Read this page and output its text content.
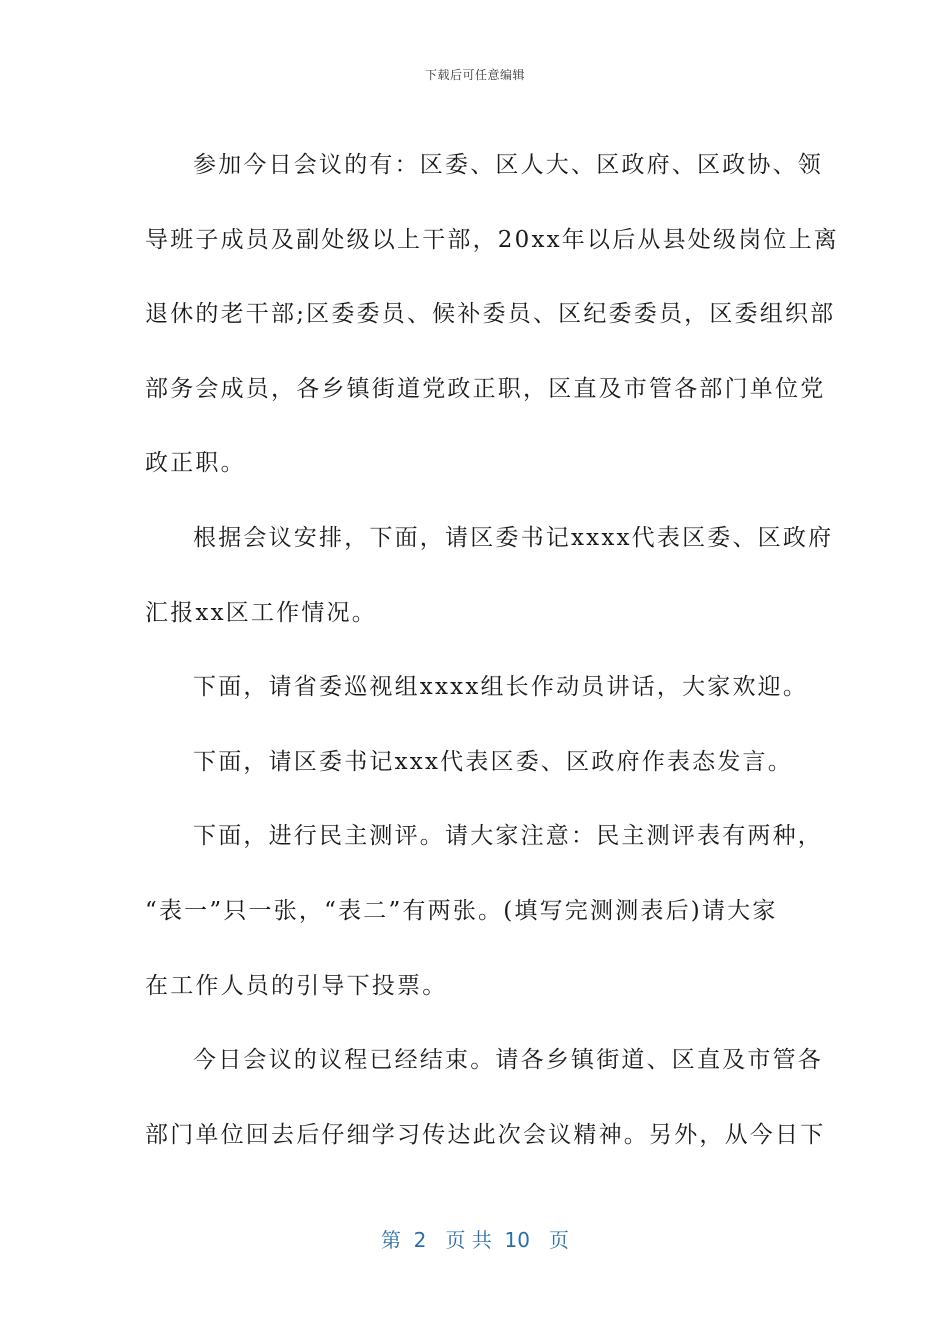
下载后可任意编辑
参加今日会议的有：区委、区人大、区政府、区政协、领
导班子成员及副处级以上干部，20xx年以后从县处级岗位上离
退休的老干部;区委委员、候补委员、区纪委委员，区委组织部
部务会成员，各乡镇街道党政正职，区直及市管各部门单位党
政正职。
根据会议安排，下面，请区委书记xxxx代表区委、区政府
汇报xx区工作情况。
下面，请省委巡视组xxxx组长作动员讲话，大家欢迎。
下面，请区委书记xxx代表区委、区政府作表态发言。
下面，进行民主测评。请大家注意：民主测评表有两种，
“表一”只一张，“表二”有两张。(填写完测测表后)请大家
在工作人员的引导下投票。
今日会议的议程已经结束。请各乡镇街道、区直及市管各
部门单位回去后仔细学习传达此次会议精神。另外，从今日下
第  2   页 共  10   页
